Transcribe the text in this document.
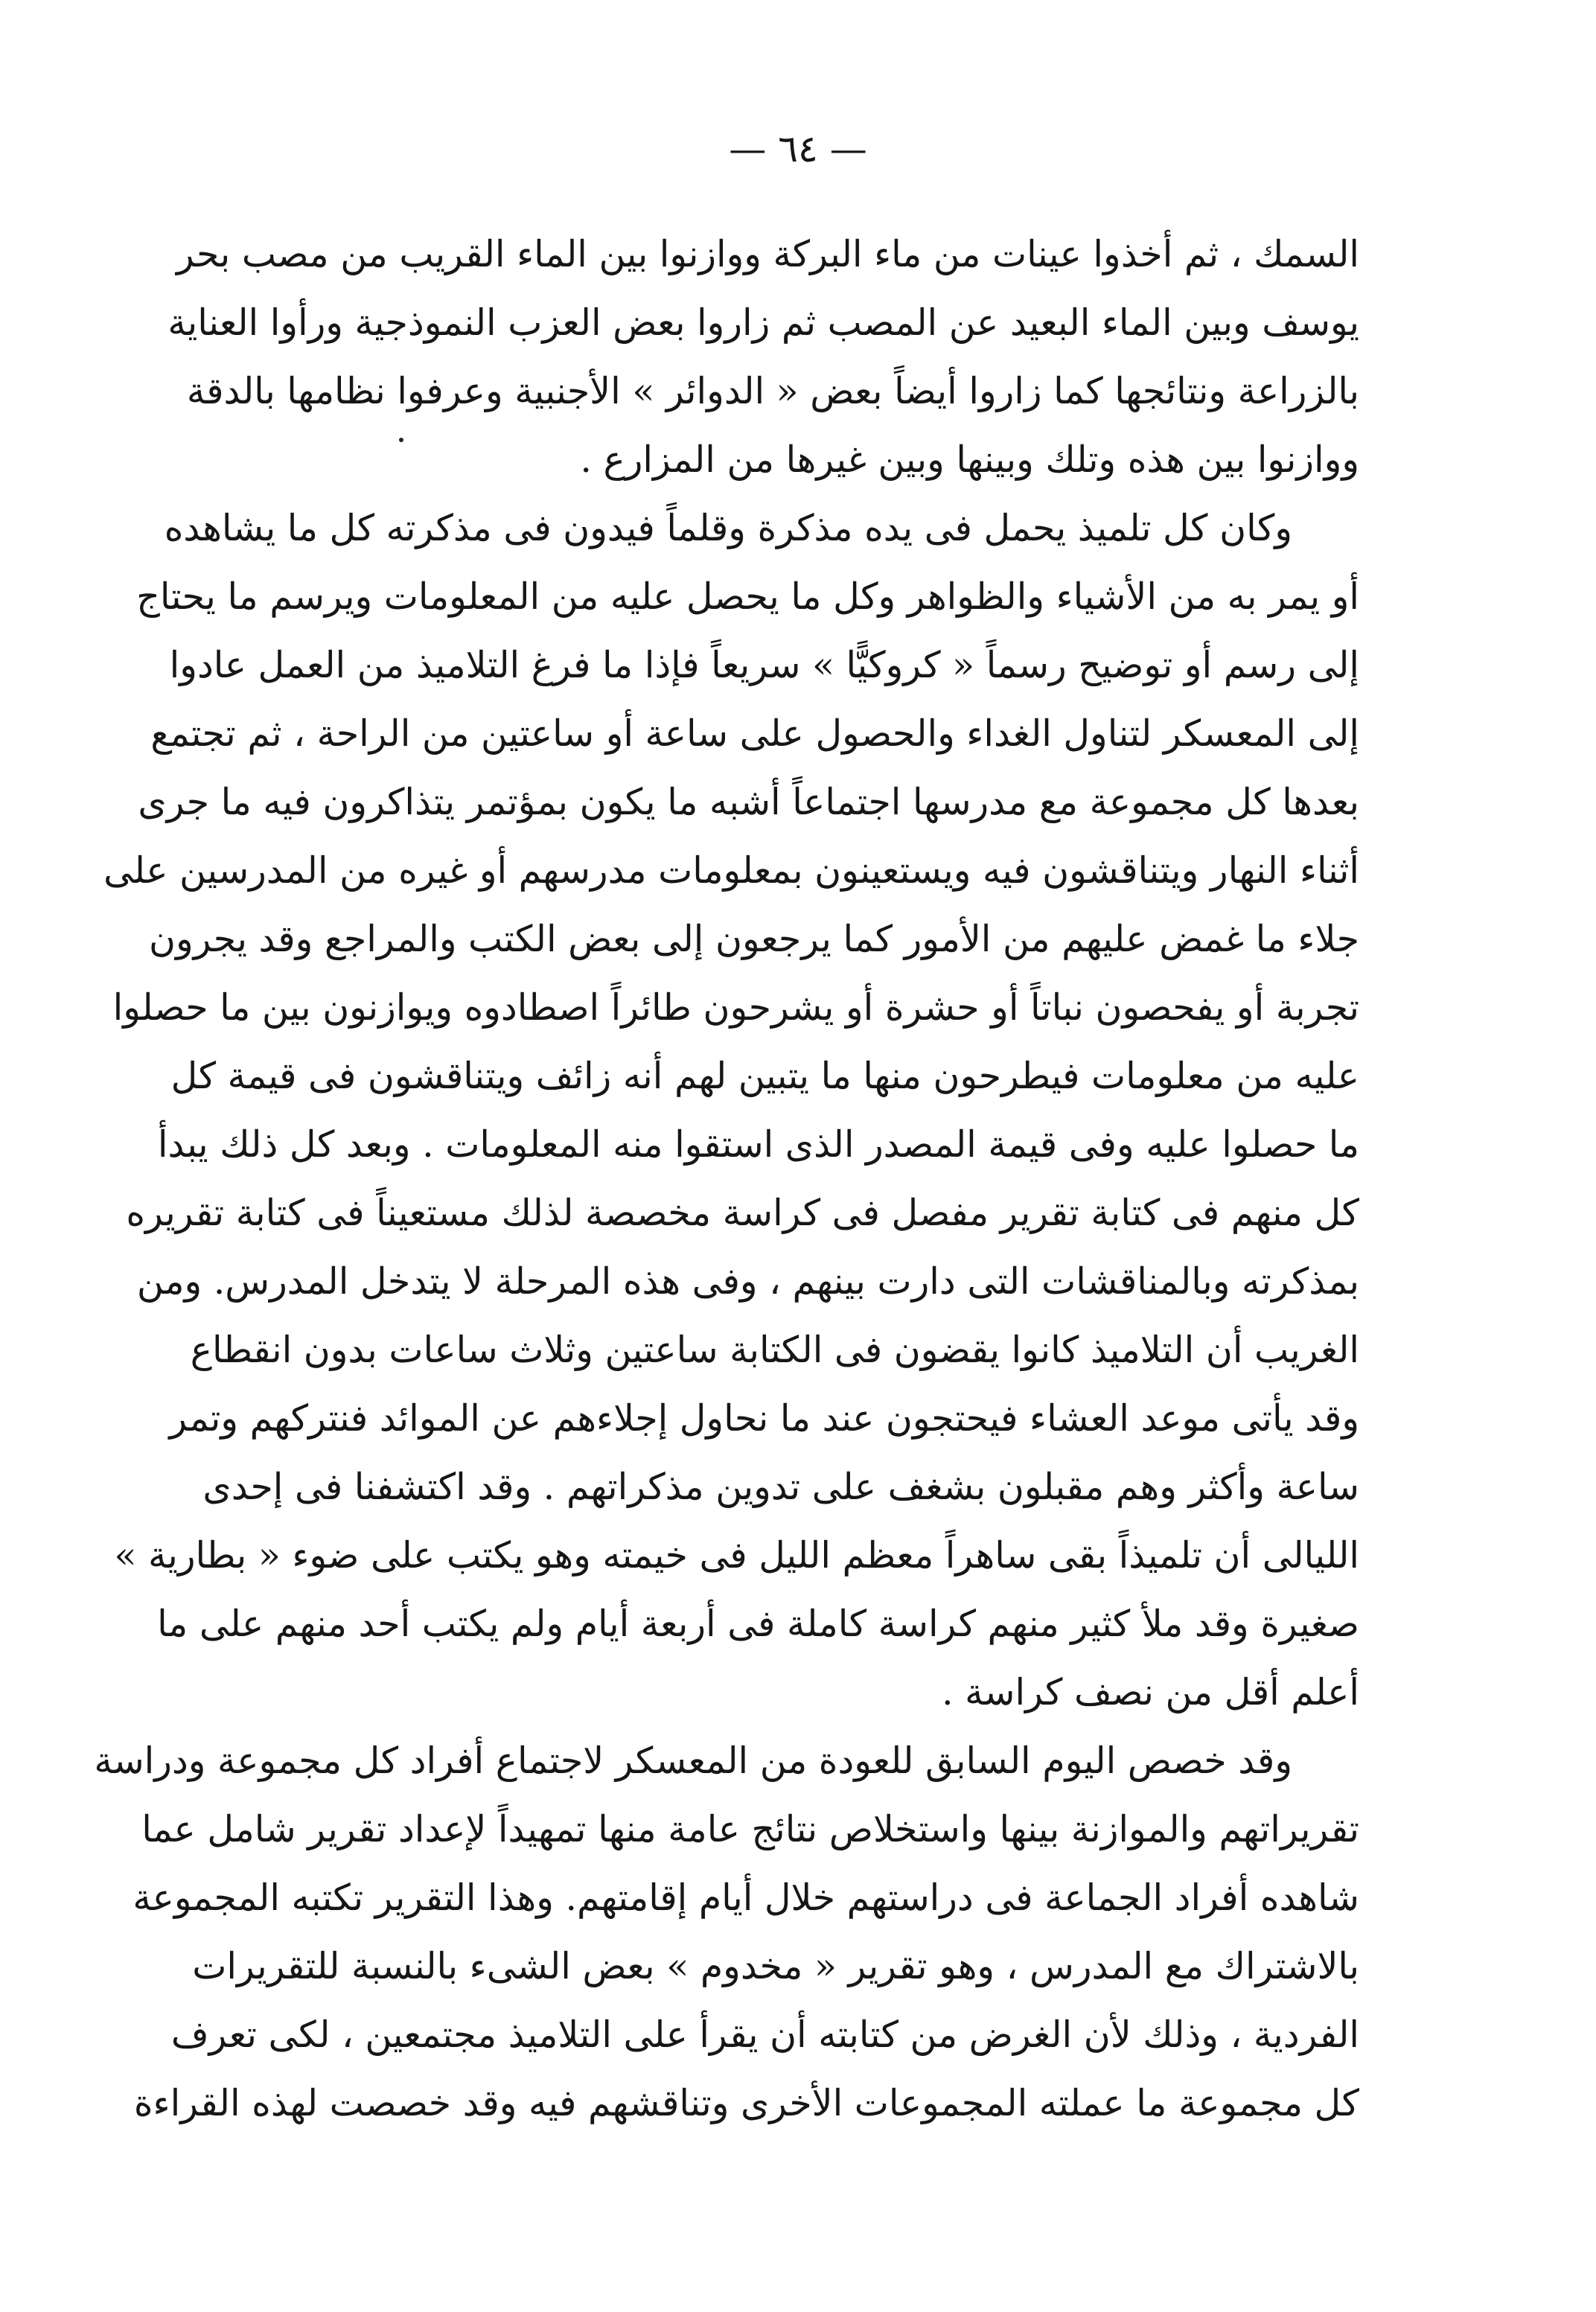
— ٦٤ —
السمك ، ثم أخذوا عينات من ماء البركة ووازنوا بين الماء القريب من مصب بحر
يوسف وبين الماء البعيد عن المصب ثم زاروا بعض العزب النموذجية ورأوا العناية
بالزراعة ونتائجها كما زاروا أيضاً بعض « الدوائر » الأجنبية وعرفوا نظامها بالدقة
ووازنوا بين هذه وتلك وبينها وبين غيرها من المزارع .
وكان كل تلميذ يحمل فى يده مذكرة وقلماً فيدون فى مذكرته كل ما يشاهده
أو يمر به من الأشياء والظواهر وكل ما يحصل عليه من المعلومات ويرسم ما يحتاج
إلى رسم أو توضيح رسماً « كروكيًّا » سريعاً فإذا ما فرغ التلاميذ من العمل عادوا
إلى المعسكر لتناول الغداء والحصول على ساعة أو ساعتين من الراحة ، ثم تجتمع
بعدها كل مجموعة مع مدرسها اجتماعاً أشبه ما يكون بمؤتمر يتذاكرون فيه ما جرى
أثناء النهار ويتناقشون فيه ويستعينون بمعلومات مدرسهم أو غيره من المدرسين على
جلاء ما غمض عليهم من الأمور كما يرجعون إلى بعض الكتب والمراجع وقد يجرون
تجربة أو يفحصون نباتاً أو حشرة أو يشرحون طائراً اصطادوه ويوازنون بين ما حصلوا
عليه من معلومات فيطرحون منها ما يتبين لهم أنه زائف ويتناقشون فى قيمة كل
ما حصلوا عليه وفى قيمة المصدر الذى استقوا منه المعلومات . وبعد كل ذلك يبدأ
كل منهم فى كتابة تقرير مفصل فى كراسة مخصصة لذلك مستعيناً فى كتابة تقريره
بمذكرته وبالمناقشات التى دارت بينهم ، وفى هذه المرحلة لا يتدخل المدرس. ومن
الغريب أن التلاميذ كانوا يقضون فى الكتابة ساعتين وثلاث ساعات بدون انقطاع
وقد يأتى موعد العشاء فيحتجون عند ما نحاول إجلاءهم عن الموائد فنتركهم وتمر
ساعة وأكثر وهم مقبلون بشغف على تدوين مذكراتهم . وقد اكتشفنا فى إحدى
الليالى أن تلميذاً بقى ساهراً معظم الليل فى خيمته وهو يكتب على ضوء « بطارية »
صغيرة وقد ملأ كثير منهم كراسة كاملة فى أربعة أيام ولم يكتب أحد منهم على ما
أعلم أقل من نصف كراسة .
وقد خصص اليوم السابق للعودة من المعسكر لاجتماع أفراد كل مجموعة ودراسة
تقريراتهم والموازنة بينها واستخلاص نتائج عامة منها تمهيداً لإعداد تقرير شامل عما
شاهده أفراد الجماعة فى دراستهم خلال أيام إقامتهم. وهذا التقرير تكتبه المجموعة
بالاشتراك مع المدرس ، وهو تقرير « مخدوم » بعض الشىء بالنسبة للتقريرات
الفردية ، وذلك لأن الغرض من كتابته أن يقرأ على التلاميذ مجتمعين ، لكى تعرف
كل مجموعة ما عملته المجموعات الأخرى وتناقشهم فيه وقد خصصت لهذه القراءة
